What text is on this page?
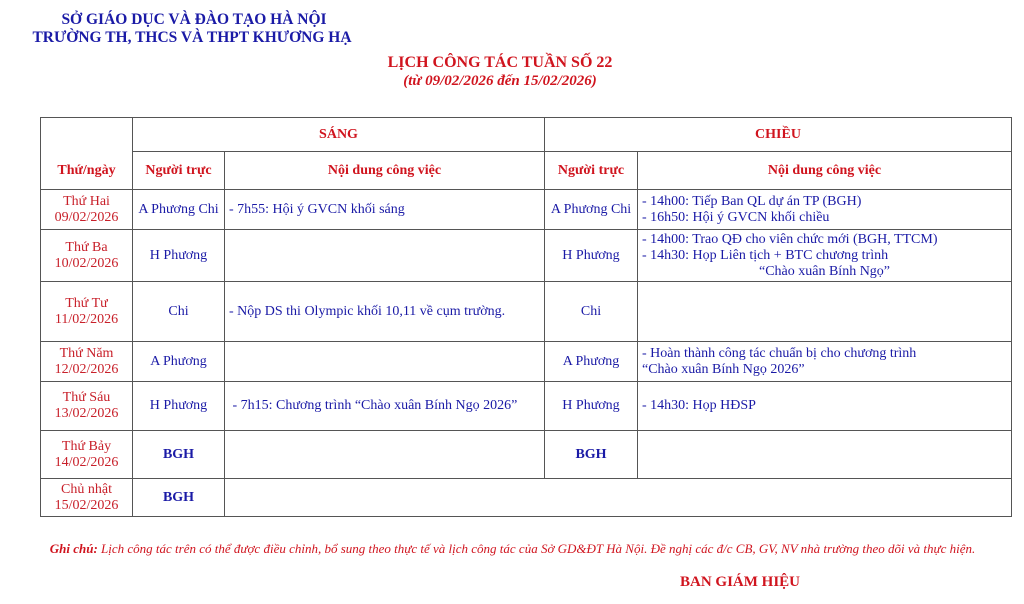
SỞ GIÁO DỤC VÀ ĐÀO TẠO HÀ NỘI
TRƯỜNG TH, THCS VÀ THPT KHƯƠNG HẠ
LỊCH CÔNG TÁC TUẦN SỐ 22
(từ 09/02/2026 đến 15/02/2026)
Thứ/ngày	SÁNG		CHIỀU	
	Người trực	Nội dung công việc	Người trực	Nội dung công việc
Thứ Hai
09/02/2026	A Phương Chi	- 7h55: Hội ý GVCN khối sáng	A Phương Chi	- 14h00: Tiếp Ban QL dự án TP (BGH)
- 16h50: Hội ý GVCN khối chiều

Thứ Ba
10/02/2026	H Phương		H Phương	- 14h00: Trao QĐ cho viên chức mới (BGH, TTCM)
- 14h30: Họp Liên tịch + BTC chương trình
“Chào xuân Bính Ngọ”

Thứ Tư
11/02/2026	Chi	- Nộp DS thi Olympic khối 10,11 về cụm trường.	Chi	
Thứ Năm
12/02/2026	A Phương		A Phương	- Hoàn thành công tác chuẩn bị cho chương trình
“Chào xuân Bính Ngọ 2026”

Thứ Sáu
13/02/2026	H Phương	- 7h15: Chương trình “Chào xuân Bính Ngọ 2026”	H Phương	- 14h30: Họp HĐSP

Thứ Bảy
14/02/2026	BGH		BGH	
Chủ nhật
15/02/2026	BGH			
Ghi chú: Lịch công tác trên có thể được điều chỉnh, bổ sung theo thực tế và lịch công tác của Sở GD&ĐT Hà Nội. Đề nghị các đ/c CB, GV, NV nhà trường theo dõi và thực hiện.
BAN GIÁM HIỆU
